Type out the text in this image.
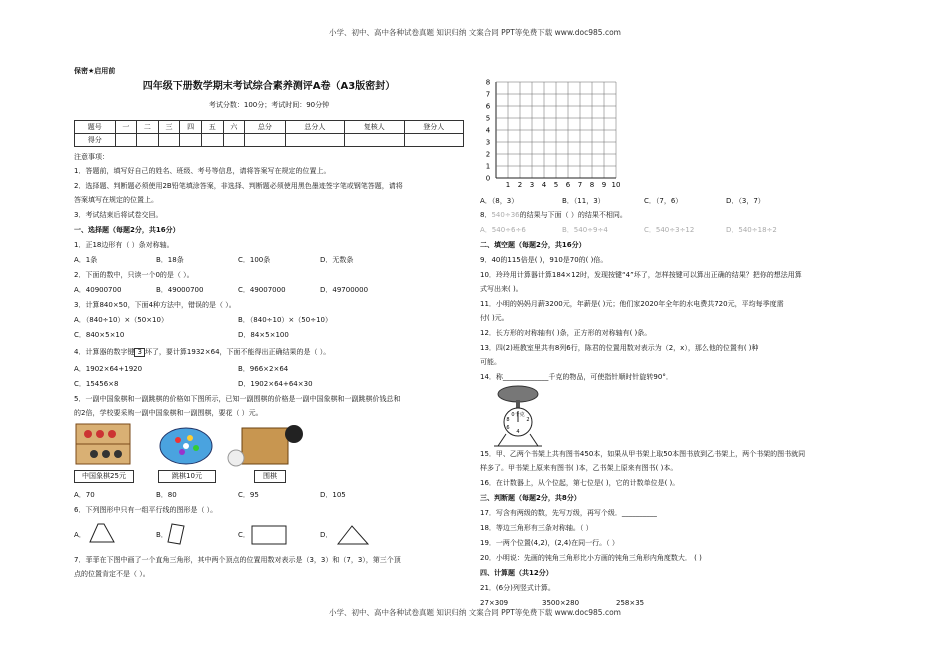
小学、初中、高中各种试卷真题 知识归纳 文案合同 PPT等免费下载 www.doc985.com
小学、初中、高中各种试卷真题 知识归纳 文案合同 PPT等免费下载 www.doc985.com
保密★启用前
四年级下册数学期末考试综合素养测评A卷（A3版密封）
考试分数：100分；考试时间：90分钟
题号	一	二	三	四	五	六	总分	总分人	复核人	登分人
得分										
注意事项：
1．答题前，填写好自己的姓名、班级、考号等信息，请将答案写在规定的位置上。
2．选择题、判断题必须使用2B铅笔填涂答案，非选择、判断题必须使用黑色墨迹签字笔或钢笔答题，请将
答案填写在规定的位置上。
3．考试结束后将试卷交回。
一、选择题（每题2分，共16分）
1．正18边形有（ ）条对称轴。
A．1条	B．18条	C．100条	D．无数条
2．下面的数中，只读一个0的是（ ）。
A．40900700	B．49000700	C．49007000	D．49700000
3．计算840×50，下面4种方法中，错误的是（ ）。
A．（840÷10）×（50×10）	B．（840÷10）×（50÷10）
C．840×5×10	D．84×5×100
4．计算器的数字键 3 坏了，要计算1932×64，下面不能得出正确结果的是（ ）。
A．1902×64+1920	B．966×2×64
C．15456×8	D．1902×64+64×30
5．一副中国象棋和一副跳棋的价格如下图所示，已知一副围棋的价格是一副中国象棋和一副跳棋价钱总和
的2倍，学校要采购一副中国象棋和一副围棋，要花（ ）元。
中国象棋25元	跳棋10元	围棋
A．70	B．80	C．95	D．105
6．下列图形中只有一组平行线的图形是（ ）。
A．	B．	C．	D．
7．菲菲在下图中画了一个直角三角形，其中两个顶点的位置用数对表示是（3，3）和（7，3），第三个顶
点的位置肯定不是（ ）。
8
7
6
5
4
3
2
1
0
1 2 3 4 5 6 7 8 9 10
A．（8，3）	B．（11，3）	C．（7，6）	D．（3，7）
8．540÷36的结果与下面（ ）的结果不相同。
A．540÷6÷6	B．540÷9÷4	C．540÷3÷12	D．540÷18÷2
二、填空题（每题2分，共16分）
9．40的115倍是( )，910是70的( )倍。
10．玲玲用计算器计算184×12时，发现按键“4”坏了，怎样按键可以算出正确的结果？把你的想法用算
式写出来( )。
11．小明的妈妈月薪3200元，年薪是( )元；他们家2020年全年的水电费共720元，平均每季度需
付( )元。
12．长方形的对称轴有( )条，正方形的对称轴有( )条。
13．四(2)班教室里共有8列6行，陈君的位置用数对表示为（2，x），那么他的位置有( )种
可能。
14．称_____________千克的物品，可使指针顺时针旋转90°．
0千克
2
4
6
8
15．甲、乙两个书架上共有图书450本，如果从甲书架上取50本图书放到乙书架上，两个书架的图书就同
样多了。甲书架上原来有图书( )本，乙书架上原来有图书( )本。
16．在计数器上，从个位起，第七位是( )，它的计数单位是( )。
三、判断题（每题2分，共8分）
17．写含有两级的数，先写万级，再写个级．__________
18．等边三角形有三条对称轴。（ ）
19．一两个位置(4,2)，(2,4)在同一行。（ ）
20．小明说：先画的钝角三角形比小方画的钝角三角形内角度数大． ( )
四、计算题（共12分）
21．(6分)列竖式计算。
27×309	3500×280	258×35
